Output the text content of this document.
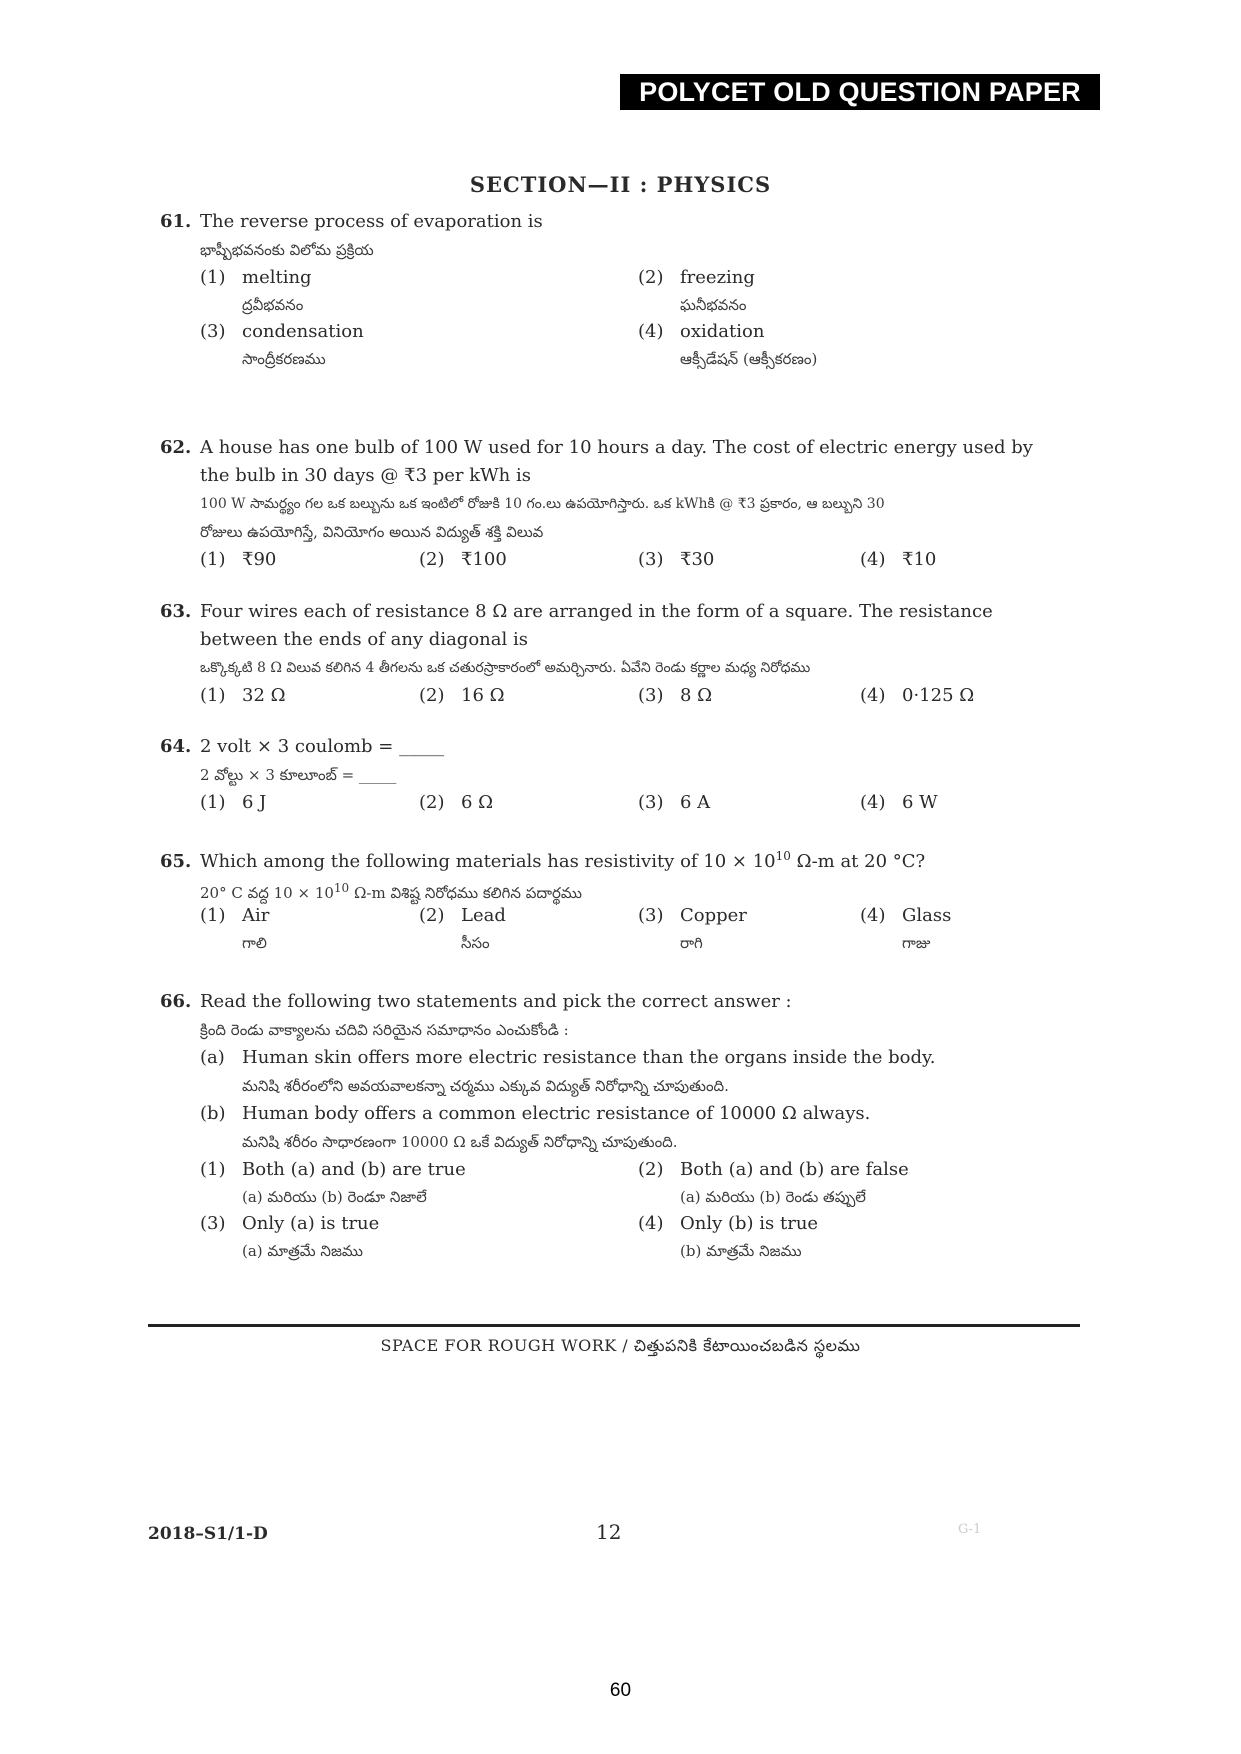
POLYCET OLD QUESTION PAPER
SECTION—II : PHYSICS
61. The reverse process of evaporation is
భాష్పీభవనంకు విలోమ ప్రక్రియ
(1) melting	(2) freezing
ద్రవీభవనం	ఘనీభవనం
(3) condensation	(4) oxidation
సాంద్రీకరణము	ఆక్సీడేషన్ (ఆక్సీకరణం)
62. A house has one bulb of 100 W used for 10 hours a day. The cost of electric energy used by
the bulb in 30 days @ ₹3 per kWh is
100 W సామర్థ్యం గల ఒక బల్బును ఒక ఇంటిలో రోజుకి 10 గం.లు ఉపయోగిస్తారు. ఒక kWhకి @ ₹3 ప్రకారం, ఆ బల్బుని 30
రోజులు ఉపయోగిస్తే, వినియోగం అయిన విద్యుత్ శక్తి విలువ
(1) ₹90	(2) ₹100	(3) ₹30	(4) ₹10
63. Four wires each of resistance 8 Ω are arranged in the form of a square. The resistance
between the ends of any diagonal is
ఒక్కొక్కటి 8 Ω విలువ కలిగిన 4 తీగలను ఒక చతురస్రాకారంలో అమర్చినారు. ఏవేని రెండు కర్ణాల మధ్య నిరోధము
(1) 32 Ω	(2) 16 Ω	(3) 8 Ω	(4) 0·125 Ω
64. 2 volt × 3 coulomb = _____
2 వోల్టు × 3 కూలూంబ్ = _____
(1) 6 J	(2) 6 Ω	(3) 6 A	(4) 6 W
65. Which among the following materials has resistivity of $10 \times 10^{10}$ Ω-m at 20 °C?
20° C వద్ద $10 \times 10^{10}$ Ω-m విశిష్ట నిరోధము కలిగిన పదార్థము
(1) Air	(2) Lead	(3) Copper	(4) Glass
గాలి	సీసం	రాగి	గాజు
66. Read the following two statements and pick the correct answer :
క్రింది రెండు వాక్యాలను చదివి సరియైన సమాధానం ఎంచుకోండి :
(a) Human skin offers more electric resistance than the organs inside the body.
మనిషి శరీరంలోని అవయవాలకన్నా చర్మము ఎక్కువ విద్యుత్ నిరోధాన్ని చూపుతుంది.
(b) Human body offers a common electric resistance of 10000 Ω always.
మనిషి శరీరం సాధారణంగా 10000 Ω ఒకే విద్యుత్ నిరోధాన్ని చూపుతుంది.
(1) Both (a) and (b) are true	(2) Both (a) and (b) are false
(a) మరియు (b) రెండూ నిజాలే	(a) మరియు (b) రెండు తప్పులే
(3) Only (a) is true	(4) Only (b) is true
(a) మాత్రమే నిజము	(b) మాత్రమే నిజము
SPACE FOR ROUGH WORK / చిత్తుపనికి కేటాయించబడిన స్థలము
2018–S1/1-D	12	G-1
60
